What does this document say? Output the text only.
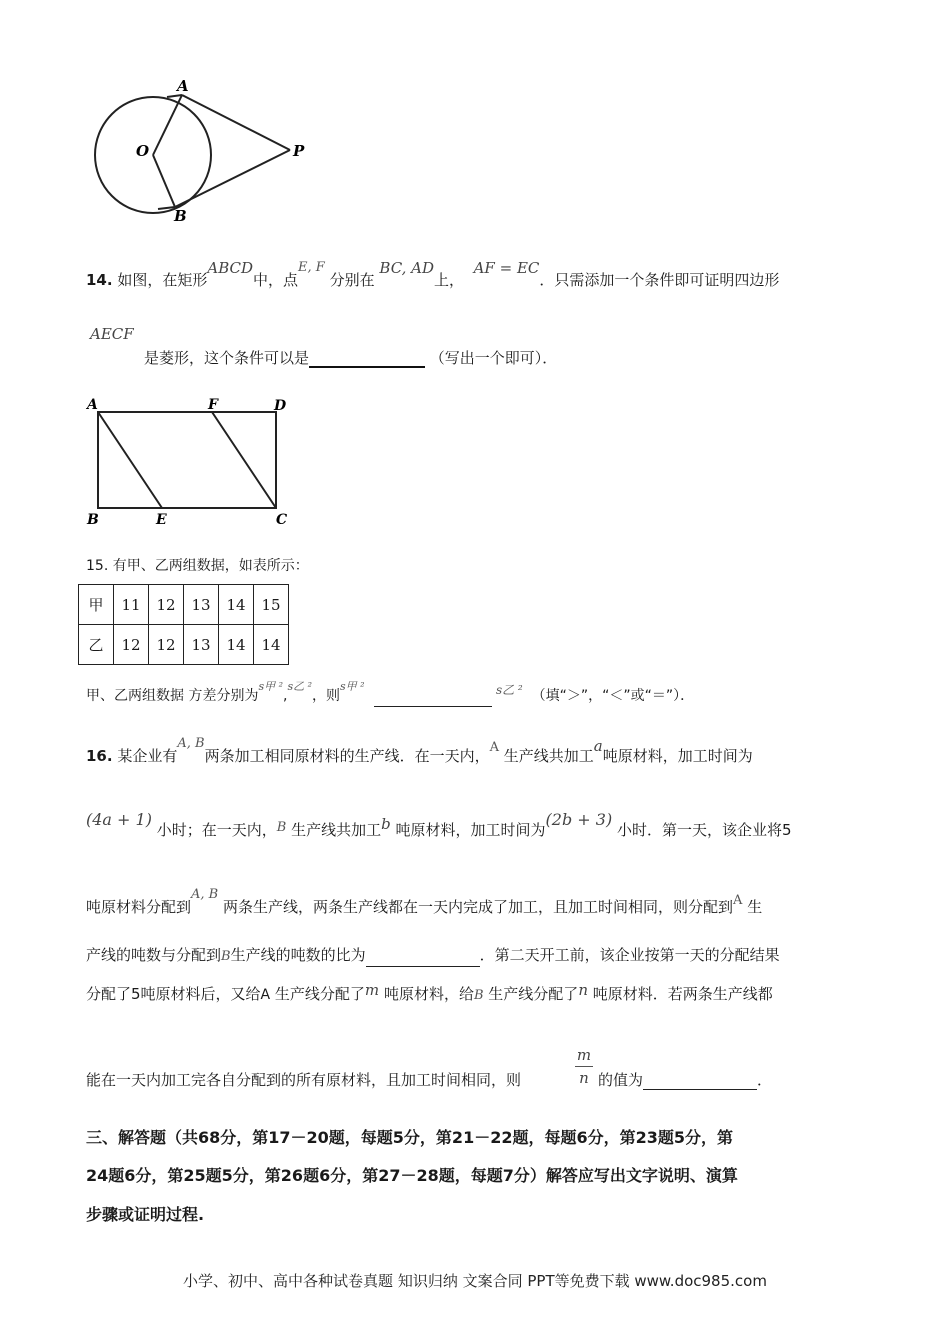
A
O	P
B
14. 如图，在矩形ABCD中，点E, F 分别在 BC, AD上，  AF = EC．只需添加一个条件即可证明四边形
AECF
是菱形，这个条件可以是	（写出一个即可）．
A	F	D
B	E	C
15. 有甲、乙两组数据，如表所示：
甲	11	12	13	14	15
乙	12	12	13	14	14
甲、乙两组数据 方差分别为$^{s甲 ^2}$,$^{s乙 ^2}$，则$^{s甲 ^2}$	s乙 ² （填“＞”，“＜”或“＝”）．
16. 某企业有A, B两条加工相同原材料的生产线．在一天内，A 生产线共加工a吨原材料，加工时间为
(4a + 1) 小时；在一天内，B 生产线共加工b 吨原材料，加工时间为(2b + 3) 小时．第一天，该企业将5
吨原材料分配到A, B 两条生产线，两条生产线都在一天内完成了加工，且加工时间相同，则分配到A 生
产线的吨数与分配到B生产线的吨数的比为	．第二天开工前，该企业按第一天的分配结果
分配了5吨原材料后，又给A 生产线分配了m 吨原材料，给B 生产线分配了n 吨原材料．若两条生产线都
能在一天内加工完各自分配到的所有原材料，且加工时间相同，则
m
n 的值为	．
三、解答题（共68分，第17－20题，每题5分，第21－22题，每题6分，第23题5分，第
24题6分，第25题5分，第26题6分，第27－28题，每题7分）解答应写出文字说明、演算
步骤或证明过程.
小学、初中、高中各种试卷真题 知识归纳 文案合同 PPT等免费下载 www.doc985.com
